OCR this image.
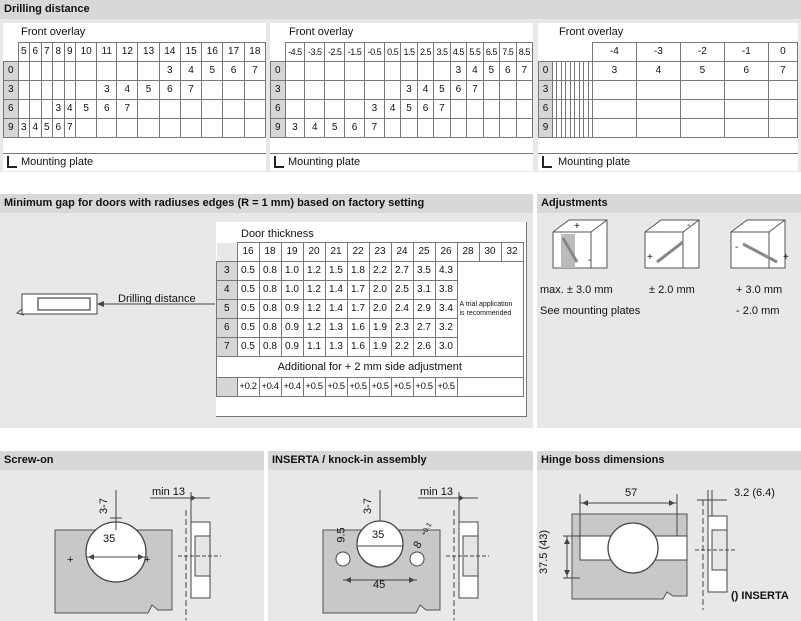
Drilling distance
Front overlay
	5	6	7	8	9	10	11	12	13	14	15	16	17	18
0										3	4	5	6	7
3							3	4	5	6	7			
6				3	4	5	6	7						
9	3	4	5	6	7									
Mounting plate
Front overlay
	-4.5	-3.5	-2.5	-1.5	-0.5	0.5	1.5	2.5	3.5	4.5	5.5	6.5	7.5	8.5
0										3	4	5	6	7
3							3	4	5	6	7			
6					3	4	5	6	7					
9	3	4	5	6	7									
Mounting plate
Front overlay
										-4	-3	-2	-1	0
0										3	4	5	6	7
3														
6														
9														
Mounting plate
Minimum gap for doors with radiuses edges (R = 1 mm) based on factory setting
Drilling distance
Door thickness
	16	18	19	20	21	22	23	24	25	26	28	30	32
3	0.5	0.8	1.0	1.2	1.5	1.8	2.2	2.7	3.5	4.3	A trial application
is recommended		
4	0.5	0.8	1.0	1.2	1.4	1.7	2.0	2.5	3.1	3.8			
5	0.5	0.8	0.9	1.2	1.4	1.7	2.0	2.4	2.9	3.4			
6	0.5	0.8	0.9	1.2	1.3	1.6	1.9	2.3	2.7	3.2			
7	0.5	0.8	0.9	1.1	1.3	1.6	1.9	2.2	2.6	3.0			
Additional for + 2 mm side adjustment													
	+0.2	+0.4	+0.4	+0.5	+0.5	+0.5	+0.5	+0.5	+0.5	+0.5			
Adjustments
+
-	+
-
-
+
max. ± 3.0 mm	± 2.0 mm	+ 3.0 mm
See mounting plates	- 2.0 mm
Screw-on
35
3-7
min 13
+	+
INSERTA / knock-in assembly
35
3-7
9.5
8
+0.1
45
min 13
Hinge boss dimensions
57
37.5 (43)
3.2 (6.4)
() INSERTA
